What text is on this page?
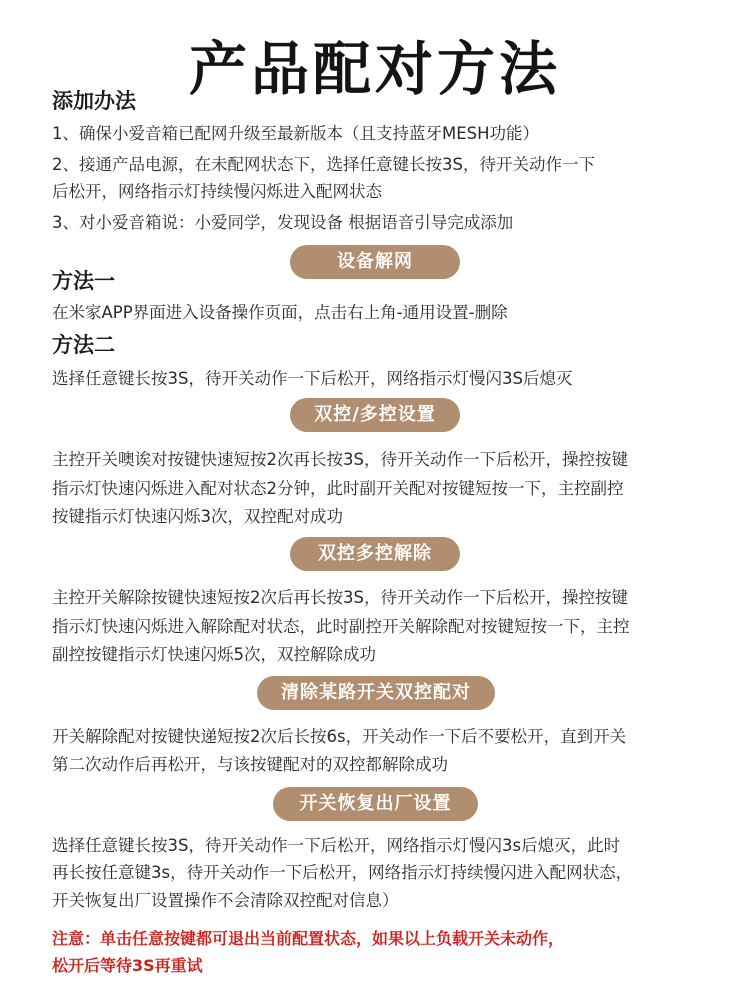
产品配对方法
添加办法
1、确保小爱音箱已配网升级至最新版本（且支持蓝牙MESH功能）
2、接通产品电源，在未配网状态下，选择任意键长按3S，待开关动作一下
后松开，网络指示灯持续慢闪烁进入配网状态
3、对小爱音箱说：小爱同学，发现设备 根据语音引导完成添加
设备解网
方法一
在米家APP界面进入设备操作页面，点击右上角-通用设置-删除
方法二
选择任意键长按3S，待开关动作一下后松开，网络指示灯慢闪3S后熄灭
双控/多控设置
主控开关噢诶对按键快速短按2次再长按3S，待开关动作一下后松开，操控按键
指示灯快速闪烁进入配对状态2分钟，此时副开关配对按键短按一下，主控副控
按键指示灯快速闪烁3次，双控配对成功
双控多控解除
主控开关解除按键快速短按2次后再长按3S，待开关动作一下后松开，操控按键
指示灯快速闪烁进入解除配对状态，此时副控开关解除配对按键短按一下，主控
副控按键指示灯快速闪烁5次，双控解除成功
清除某路开关双控配对
开关解除配对按键快递短按2次后长按6s，开关动作一下后不要松开，直到开关
第二次动作后再松开，与该按键配对的双控都解除成功
开关恢复出厂设置
选择任意键长按3S，待开关动作一下后松开，网络指示灯慢闪3s后熄灭，此时
再长按任意键3s，待开关动作一下后松开，网络指示灯持续慢闪进入配网状态，
开关恢复出厂设置操作不会清除双控配对信息）
注意：单击任意按键都可退出当前配置状态，如果以上负载开关未动作，
松开后等待3S再重试
